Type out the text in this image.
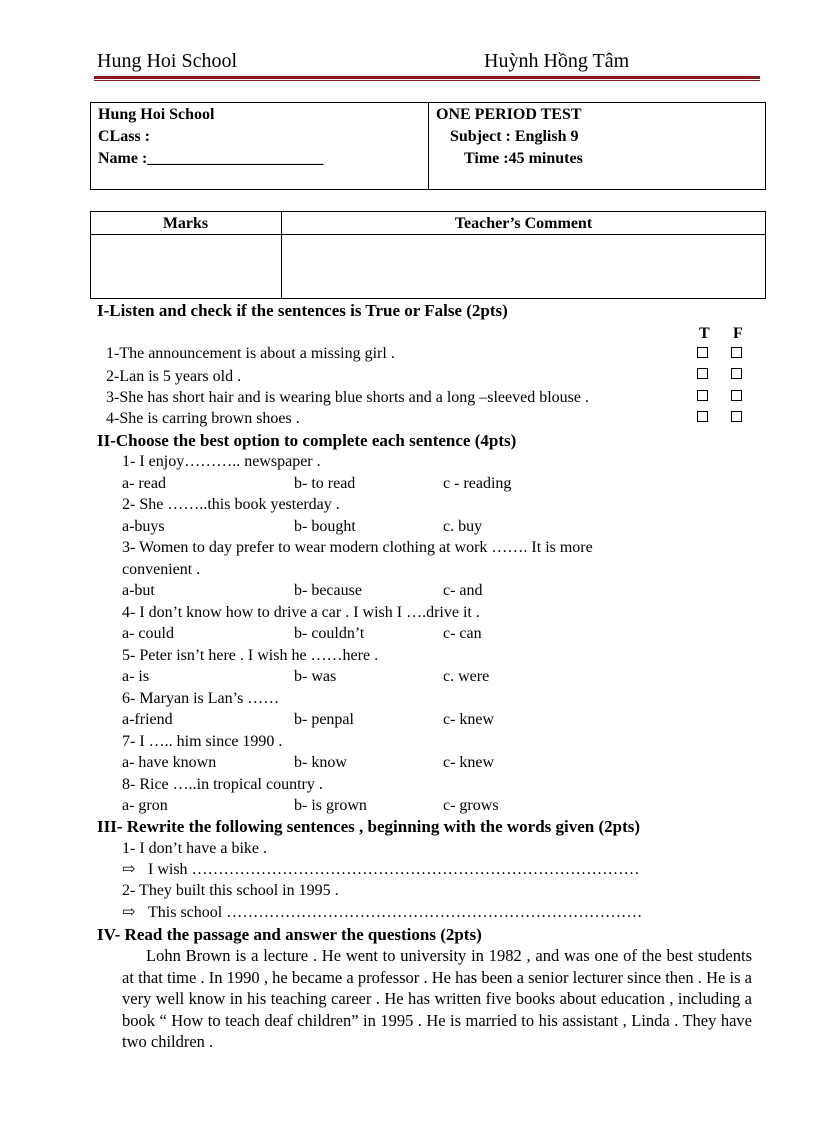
Hung Hoi School	Huỳnh Hồng Tâm
Hung Hoi School
CLass :
Name :______________________
ONE PERIOD TEST
Subject : English 9
Time :45 minutes
Marks	Teacher’s Comment
I-Listen and check if the sentences is True or False (2pts)
T F
1-The announcement is about a missing girl .
2-Lan is 5 years old .
3-She has short hair and is wearing blue shorts and a long –sleeved blouse .
4-She is carring brown shoes .
II-Choose the best option to complete each sentence (4pts)
1- I enjoy……….. newspaper .
a- read	b- to read	c - reading
2- She ……..this book yesterday .
a-buys	b- bought	c. buy
3- Women to day prefer to wear modern clothing at work ……. It is more
convenient .
a-but	b- because	c- and
4- I don’t know how to drive a car . I wish I ….drive it .
a- could	b- couldn’t	c- can
5- Peter isn’t here . I wish he ……here .
a- is	b- was	c. were
6- Maryan is Lan’s ……
a-friend	b- penpal	c- knew
7- I ….. him since 1990 .
a- have known	b- know	c- knew
8- Rice …..in tropical country .
a- gron	b- is grown	c- grows
III- Rewrite the following sentences , beginning with the words given (2pts)
1- I don’t have a bike .
⇨ I wish …………………………………………………………………………
2- They built this school in 1995 .
⇨ This school ……………………………………………………………………
IV- Read the passage and answer the questions (2pts)
Lohn Brown is a lecture . He went to university in 1982 , and was one of the best students at that time . In 1990 , he became a professor . He has been a senior lecturer since then . He is a very well know in his teaching career . He has written five books about education , including a book “ How to teach deaf children” in 1995 . He is married to his assistant , Linda . They have two children .
